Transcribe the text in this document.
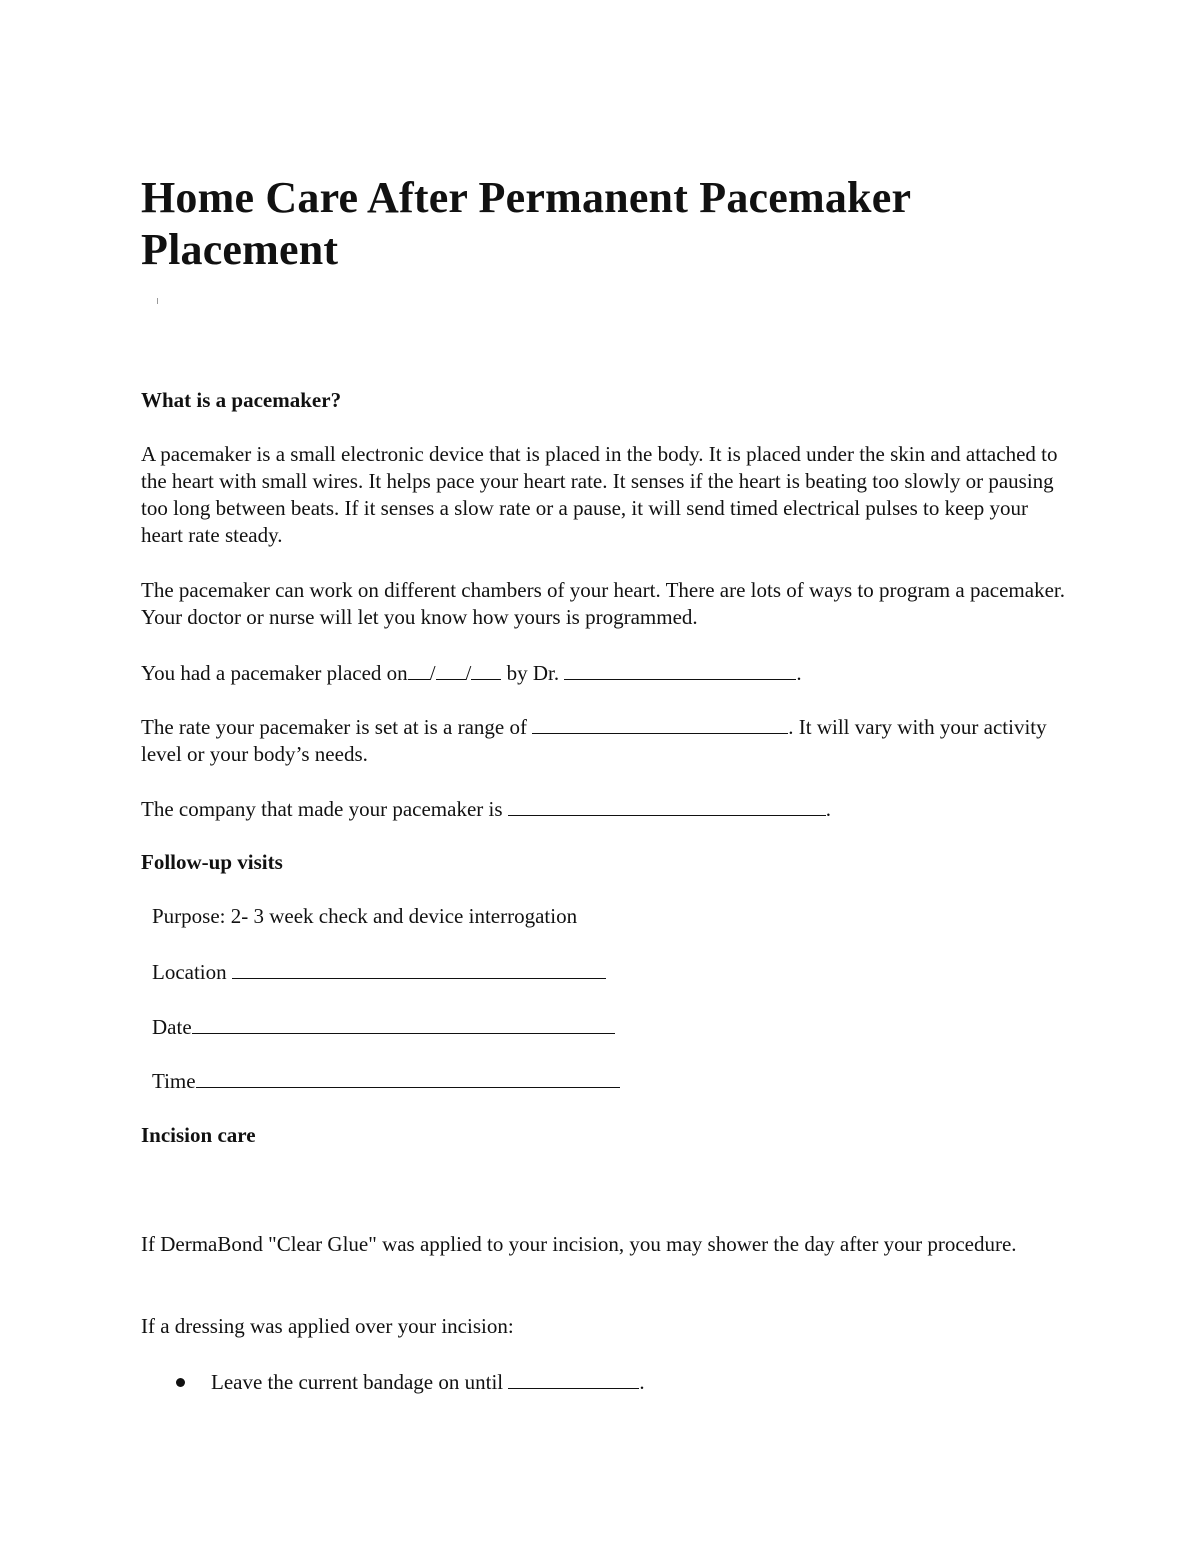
Home Care After Permanent Pacemaker Placement

What is a pacemaker?

A pacemaker is a small electronic device that is placed in the body. It is placed under the skin and attached to the heart with small wires. It helps pace your heart rate. It senses if the heart is beating too slowly or pausing too long between beats. If it senses a slow rate or a pause, it will send timed electrical pulses to keep your heart rate steady.

The pacemaker can work on different chambers of your heart. There are lots of ways to program a pacemaker. Your doctor or nurse will let you know how yours is programmed.

You had a pacemaker placed on / / by Dr.	.

The rate your pacemaker is set at is a range of	. It will vary with your activity level or your body’s needs.

The company that made your pacemaker is	.

Follow-up visits

Purpose: 2- 3 week check and device interrogation

Location

Date

Time

Incision care

If DermaBond "Clear Glue" was applied to your incision, you may shower the day after your procedure.

If a dressing was applied over your incision:

Leave the current bandage on until	.
